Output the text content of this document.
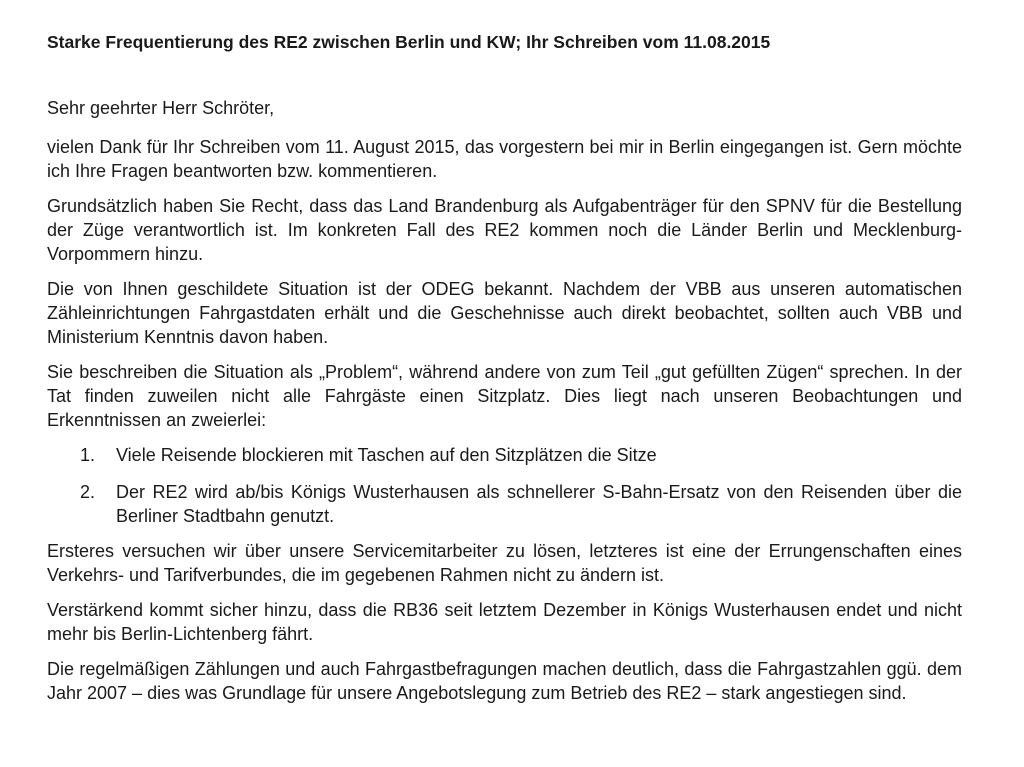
Starke Frequentierung des RE2 zwischen Berlin und KW; Ihr Schreiben vom 11.08.2015
Sehr geehrter Herr Schröter,

vielen Dank für Ihr Schreiben vom 11. August 2015, das vorgestern bei mir in Berlin eingegangen ist. Gern möchte ich Ihre Fragen beantworten bzw. kommentieren.

Grundsätzlich haben Sie Recht, dass das Land Brandenburg als Aufgabenträger für den SPNV für die Bestellung der Züge verantwortlich ist. Im konkreten Fall des RE2 kommen noch die Länder Berlin und Mecklenburg-Vorpommern hinzu.

Die von Ihnen geschildete Situation ist der ODEG bekannt. Nachdem der VBB aus unseren automatischen Zähleinrichtungen Fahrgastdaten erhält und die Geschehnisse auch direkt beobachtet, sollten auch VBB und Ministerium Kenntnis davon haben.

Sie beschreiben die Situation als „Problem“, während andere von zum Teil „gut gefüllten Zügen“ sprechen. In der Tat finden zuweilen nicht alle Fahrgäste einen Sitzplatz. Dies liegt nach unseren Beobachtungen und Erkenntnissen an zweierlei:

1. Viele Reisende blockieren mit Taschen auf den Sitzplätzen die Sitze
2. Der RE2 wird ab/bis Königs Wusterhausen als schnellerer S-Bahn-Ersatz von den Reisenden über die Berliner Stadtbahn genutzt.

Ersteres versuchen wir über unsere Servicemitarbeiter zu lösen, letzteres ist eine der Errungenschaften eines Verkehrs- und Tarifverbundes, die im gegebenen Rahmen nicht zu ändern ist.

Verstärkend kommt sicher hinzu, dass die RB36 seit letztem Dezember in Königs Wusterhausen endet und nicht mehr bis Berlin-Lichtenberg fährt.

Die regelmäßigen Zählungen und auch Fahrgastbefragungen machen deutlich, dass die Fahrgastzahlen ggü. dem Jahr 2007 – dies was Grundlage für unsere Angebotslegung zum Betrieb des RE2 – stark angestiegen sind.
